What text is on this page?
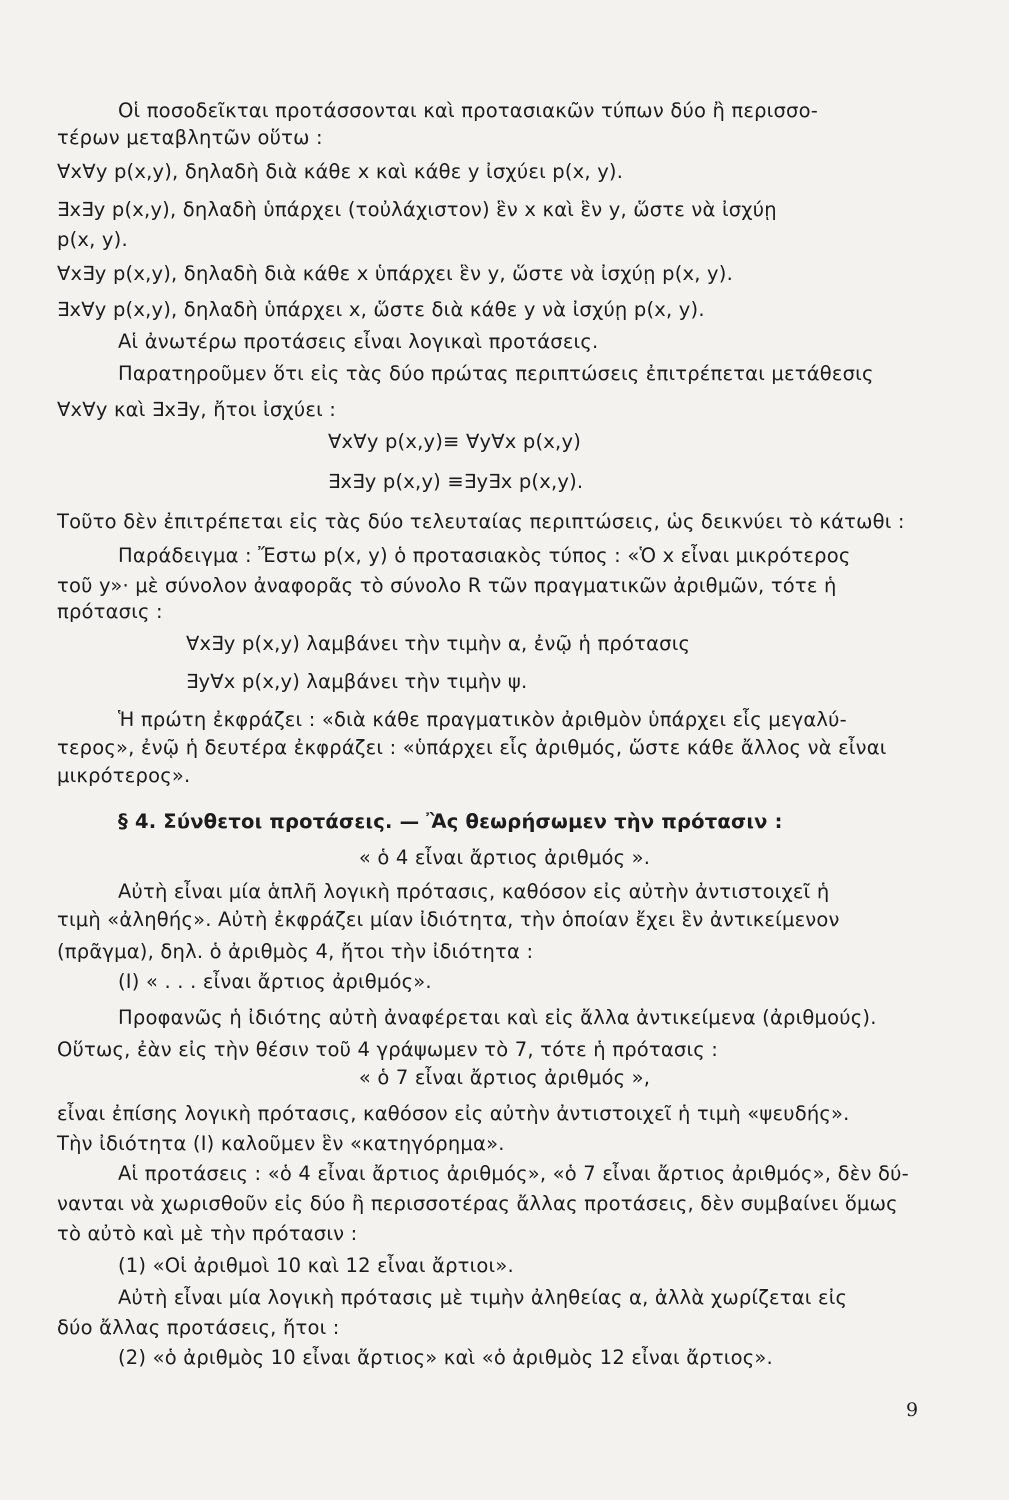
Οἱ ποσοδεῖκται προτάσσονται καὶ προτασιακῶν τύπων δύο ἢ περισσο-
τέρων μεταβλητῶν οὕτω :
∀x∀y p(x,y), δηλαδὴ διὰ κάθε x καὶ κάθε y ἰσχύει p(x, y).
∃x∃y p(x,y), δηλαδὴ ὑπάρχει (τοὐλάχιστον) ἓν x καὶ ἓν y, ὥστε νὰ ἰσχύῃ
p(x, y).
∀x∃y p(x,y), δηλαδὴ διὰ κάθε x ὑπάρχει ἓν y, ὥστε νὰ ἰσχύῃ p(x, y).
∃x∀y p(x,y), δηλαδὴ ὑπάρχει x, ὥστε διὰ κάθε y νὰ ἰσχύῃ p(x, y).
Αἱ ἀνωτέρω προτάσεις εἶναι λογικαὶ προτάσεις.
Παρατηροῦμεν ὅτι εἰς τὰς δύο πρώτας περιπτώσεις ἐπιτρέπεται μετάθεσις
∀x∀y καὶ ∃x∃y, ἤτοι ἰσχύει :
∀x∀y p(x,y)≡ ∀y∀x p(x,y)
∃x∃y p(x,y) ≡∃y∃x p(x,y).
Τοῦτο δὲν ἐπιτρέπεται εἰς τὰς δύο τελευταίας περιπτώσεις, ὡς δεικνύει τὸ κάτωθι :
Παράδειγμα : Ἔστω p(x, y) ὁ προτασιακὸς τύπος : «Ὁ x εἶναι μικρότερος
τοῦ y»· μὲ σύνολον ἀναφορᾶς τὸ σύνολο R τῶν πραγματικῶν ἀριθμῶν, τότε ἡ
πρότασις :
∀x∃y p(x,y) λαμβάνει τὴν τιμὴν α, ἐνῷ ἡ πρότασις
∃y∀x p(x,y) λαμβάνει τὴν τιμὴν ψ.
Ἡ πρώτη ἐκφράζει : «διὰ κάθε πραγματικὸν ἀριθμὸν ὑπάρχει εἷς μεγαλύ-
τερος», ἐνῷ ἡ δευτέρα ἐκφράζει : «ὑπάρχει εἷς ἀριθμός, ὥστε κάθε ἄλλος νὰ εἶναι
μικρότερος».
§ 4. Σύνθετοι προτάσεις. — Ἂς θεωρήσωμεν τὴν πρότασιν :
« ὁ 4 εἶναι ἄρτιος ἀριθμός ».
Αὐτὴ εἶναι μία ἁπλῆ λογικὴ πρότασις, καθόσον εἰς αὐτὴν ἀντιστοιχεῖ ἡ
τιμὴ «ἀληθής». Αὐτὴ ἐκφράζει μίαν ἰδιότητα, τὴν ὁποίαν ἔχει ἓν ἀντικείμενον
(πρᾶγμα), δηλ. ὁ ἀριθμὸς 4, ἤτοι τὴν ἰδιότητα :
(I) « . . . εἶναι ἄρτιος ἀριθμός».
Προφανῶς ἡ ἰδιότης αὐτὴ ἀναφέρεται καὶ εἰς ἄλλα ἀντικείμενα (ἀριθμούς).
Οὕτως, ἐὰν εἰς τὴν θέσιν τοῦ 4 γράψωμεν τὸ 7, τότε ἡ πρότασις :
« ὁ 7 εἶναι ἄρτιος ἀριθμός »,
εἶναι ἐπίσης λογικὴ πρότασις, καθόσον εἰς αὐτὴν ἀντιστοιχεῖ ἡ τιμὴ «ψευδής».
Τὴν ἰδιότητα (I) καλοῦμεν ἓν «κατηγόρημα».
Αἱ προτάσεις : «ὁ 4 εἶναι ἄρτιος ἀριθμός», «ὁ 7 εἶναι ἄρτιος ἀριθμός», δὲν δύ-
νανται νὰ χωρισθοῦν εἰς δύο ἢ περισσοτέρας ἄλλας προτάσεις, δὲν συμβαίνει ὅμως
τὸ αὐτὸ καὶ μὲ τὴν πρότασιν :
(1) «Οἱ ἀριθμοὶ 10 καὶ 12 εἶναι ἄρτιοι».
Αὐτὴ εἶναι μία λογικὴ πρότασις μὲ τιμὴν ἀληθείας α, ἀλλὰ χωρίζεται εἰς
δύο ἄλλας προτάσεις, ἤτοι :
(2) «ὁ ἀριθμὸς 10 εἶναι ἄρτιος» καὶ «ὁ ἀριθμὸς 12 εἶναι ἄρτιος».
9
